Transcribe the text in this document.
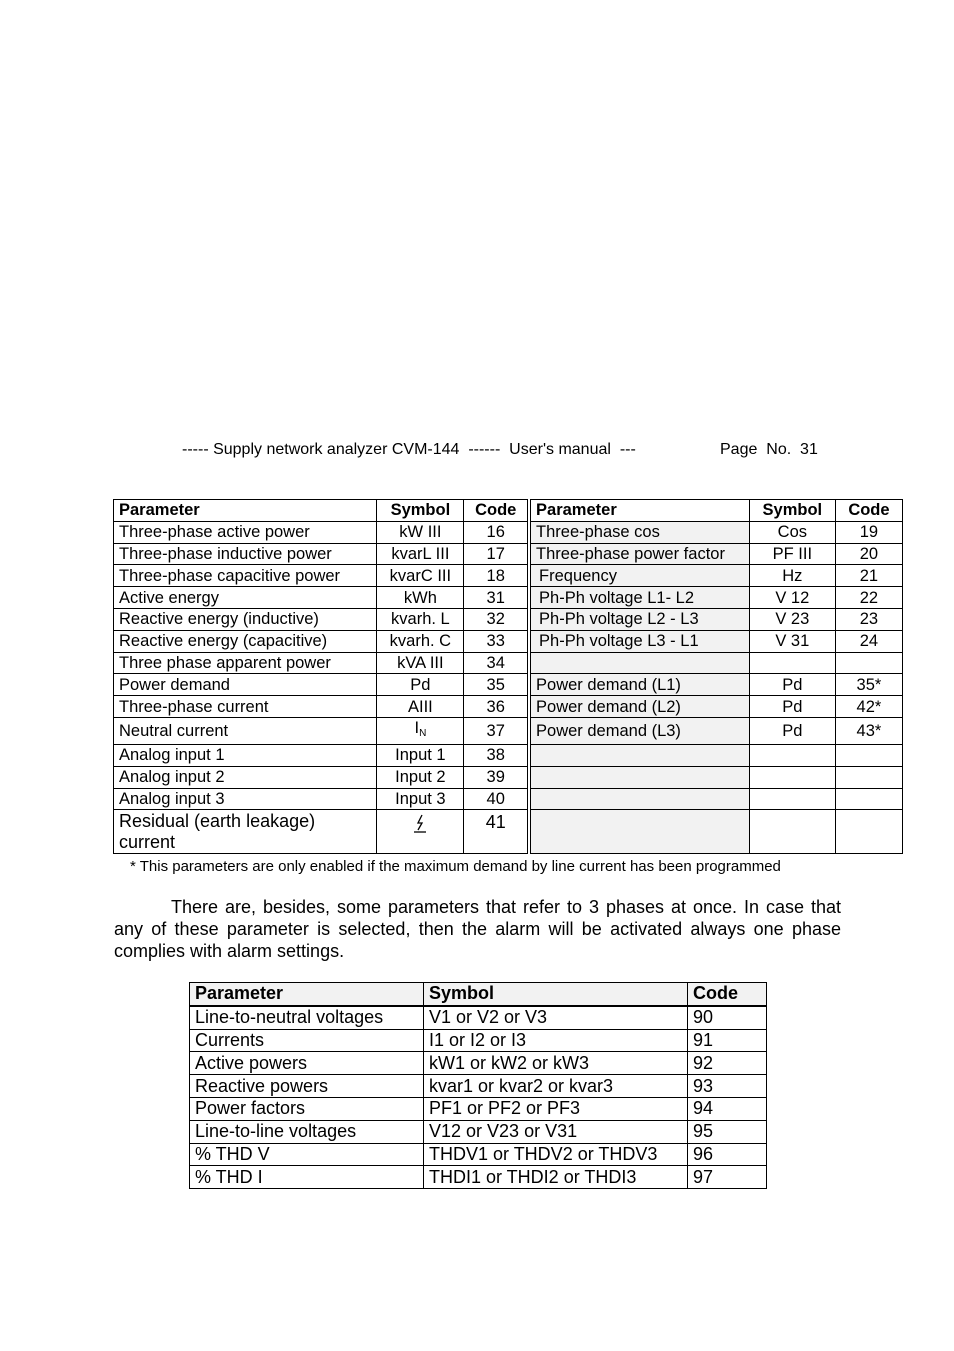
----- Supply network analyzer CVM-144  ------  User's manual  ---	Page  No.  31
Parameter	Symbol	Code	Parameter	Symbol	Code
Three-phase active power	kW III	16	Three-phase cos	Cos	19
Three-phase inductive power	kvarL III	17	Three-phase power factor	PF III	20
Three-phase capacitive power	kvarC III	18	Frequency	Hz	21
Active energy	kWh	31	Ph-Ph voltage L1- L2	V 12	22
Reactive energy (inductive)	kvarh. L	32	Ph-Ph voltage L2 - L3	V 23	23
Reactive energy (capacitive)	kvarh. C	33	Ph-Ph voltage L3 - L1	V 31	24
Three phase apparent power	kVA III	34			
Power demand	Pd	35	Power demand (L1)	Pd	35*
Three-phase current	AIII	36	Power demand (L2)	Pd	42*
Neutral current	$I_N$	37	Power demand (L3)	Pd	43*
Analog input 1	Input 1	38			
Analog input 2	Input 2	39			
Analog input 3	Input 3	40			
Residual (earth leakage) current		41			
* This parameters are only enabled if the maximum demand by line current has been programmed

There are, besides, some parameters that refer to 3 phases at once. In case that any of these parameter is selected, then the alarm will be activated always one phase complies with alarm settings.

Parameter	Symbol	Code
Line-to-neutral voltages	V1 or V2 or V3	90
Currents	I1 or I2 or I3	91
Active powers	kW1 or kW2 or kW3	92
Reactive powers	kvar1 or kvar2 or kvar3	93
Power factors	PF1 or PF2 or PF3	94
Line-to-line voltages	V12 or V23 or V31	95
% THD V	THDV1 or THDV2 or THDV3	96
% THD I	THDI1 or THDI2 or THDI3	97
